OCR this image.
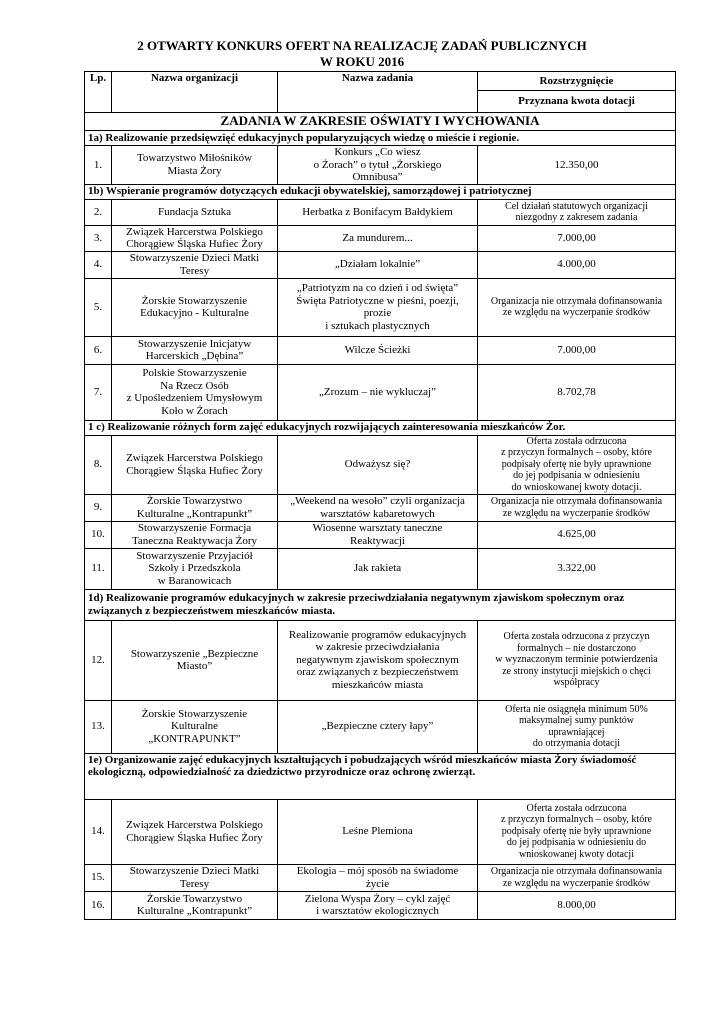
2 OTWARTY KONKURS OFERT NA REALIZACJĘ ZADAŃ PUBLICZNYCH
W ROKU 2016
Lp.	Nazwa organizacji	Nazwa zadania	Rozstrzygnięcie
			Przyznana kwota dotacji
ZADANIA W ZAKRESIE OŚWIATY I WYCHOWANIA			
1a) Realizowanie przedsięwzięć edukacyjnych popularyzujących wiedzę o mieście i regionie.			
1.	Towarzystwo Miłośników
Miasta Żory	Konkurs „Co wiesz
o Żorach” o tytuł „Żorskiego
Omnibusa”	12.350,00
1b) Wspieranie programów dotyczących edukacji obywatelskiej, samorządowej i patriotycznej			
2.	Fundacja Sztuka	Herbatka z Bonifacym Bałdykiem	Cel działań statutowych organizacji
niezgodny z zakresem zadania
3.	Związek Harcerstwa Polskiego
Chorągiew Śląska Hufiec Żory	Za mundurem...	7.000,00
4.	Stowarzyszenie Dzieci Matki
Teresy	„Działam lokalnie”	4.000,00
5.	Żorskie Stowarzyszenie
Edukacyjno - Kulturalne	„Patriotyzm na co dzień i od święta”
Święta Patriotyczne w pieśni, poezji,
prozie
i sztukach plastycznych	Organizacja nie otrzymała dofinansowania
ze względu na wyczerpanie środków
6.	Stowarzyszenie Inicjatyw
Harcerskich „Dębina”	Wilcze Ścieżki	7.000,00
7.	Polskie Stowarzyszenie
Na Rzecz Osób
z Upośledzeniem Umysłowym
Koło w Żorach	„Zrozum – nie wykluczaj”	8.702,78
1 c) Realizowanie różnych form zajęć edukacyjnych rozwijających zainteresowania mieszkańców Żor.			
8.	Związek Harcerstwa Polskiego
Chorągiew Śląska Hufiec Żory	Odważysz się?	Oferta została odrzucona
z przyczyn formalnych – osoby, które
podpisały ofertę nie były uprawnione
do jej podpisania w odniesieniu
do wnioskowanej kwoty dotacji.
9.	Żorskie Towarzystwo
Kulturalne „Kontrapunkt”	„Weekend na wesoło” czyli organizacja
warsztatów kabaretowych	Organizacja nie otrzymała dofinansowania
ze względu na wyczerpanie środków
10.	Stowarzyszenie Formacja
Taneczna Reaktywacja Żory	Wiosenne warsztaty taneczne
Reaktywacji	4.625,00
11.	Stowarzyszenie Przyjaciół
Szkoły i Przedszkola
w Baranowicach	Jak rakieta	3.322,00
1d) Realizowanie programów edukacyjnych w zakresie przeciwdziałania negatywnym zjawiskom społecznym oraz związanych z bezpieczeństwem mieszkańców miasta.			
12.	Stowarzyszenie „Bezpieczne
Miasto”	Realizowanie programów edukacyjnych
w zakresie przeciwdziałania
negatywnym zjawiskom społecznym
oraz związanych z bezpieczeństwem
mieszkańców miasta	Oferta została odrzucona z przyczyn
formalnych – nie dostarczono
w wyznaczonym terminie potwierdzenia
ze strony instytucji miejskich o chęci
współpracy
13.	Żorskie Stowarzyszenie
Kulturalne
„KONTRAPUNKT”	„Bezpieczne cztery łapy”	Oferta nie osiągnęła minimum 50%
maksymalnej sumy punktów
uprawniającej
do otrzymania dotacji
1e) Organizowanie zajęć edukacyjnych kształtujących i pobudzających wśród mieszkańców miasta Żory świadomość ekologiczną, odpowiedzialność za dziedzictwo przyrodnicze oraz ochronę zwierząt.			
14.	Związek Harcerstwa Polskiego
Chorągiew Śląska Hufiec Żory	Leśne Plemiona	Oferta została odrzucona
z przyczyn formalnych – osoby, które
podpisały ofertę nie były uprawnione
do jej podpisania w odniesieniu do
wnioskowanej kwoty dotacji
15.	Stowarzyszenie Dzieci Matki
Teresy	Ekologia – mój sposób na świadome
życie	Organizacja nie otrzymała dofinansowania
ze względu na wyczerpanie środków
16.	Żorskie Towarzystwo
Kulturalne „Kontrapunkt”	Zielona Wyspa Żory – cykl zajęć
i warsztatów ekologicznych	8.000,00
